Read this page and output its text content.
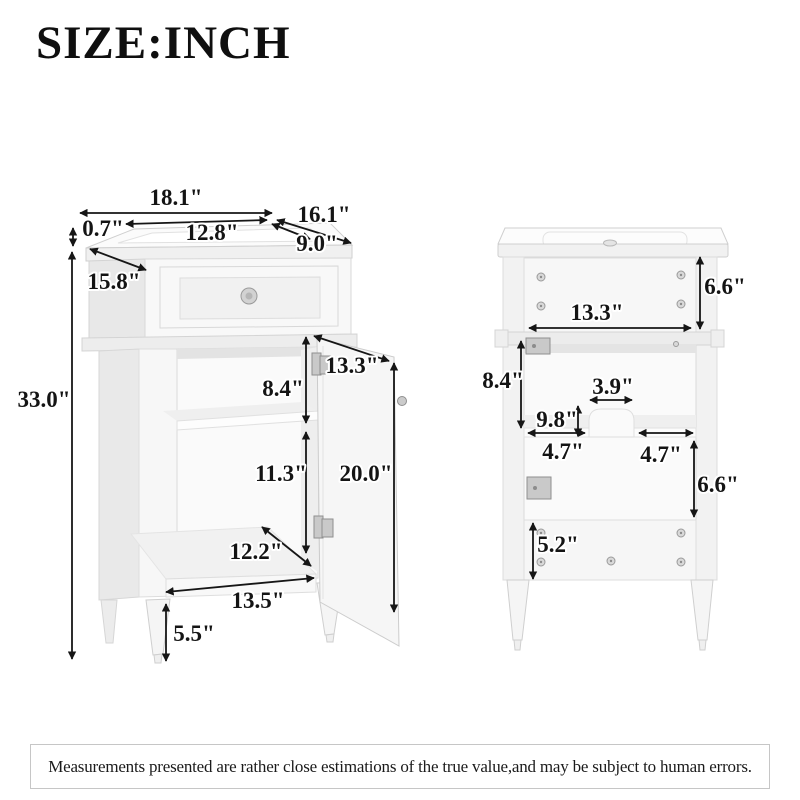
SIZE:INCH
18.1"
16.1"
0.7"	12.8"	9.0"
15.8"
33.0"	8.4"
13.3"
11.3" 20.0"
12.2"
13.5"
5.5"
6.6"
13.3"
8.4"	3.9"
9.8"
4.7" 4.7"
6.6"
5.2"
Measurements presented are rather close estimations of the true value,and may be subject to human errors.
